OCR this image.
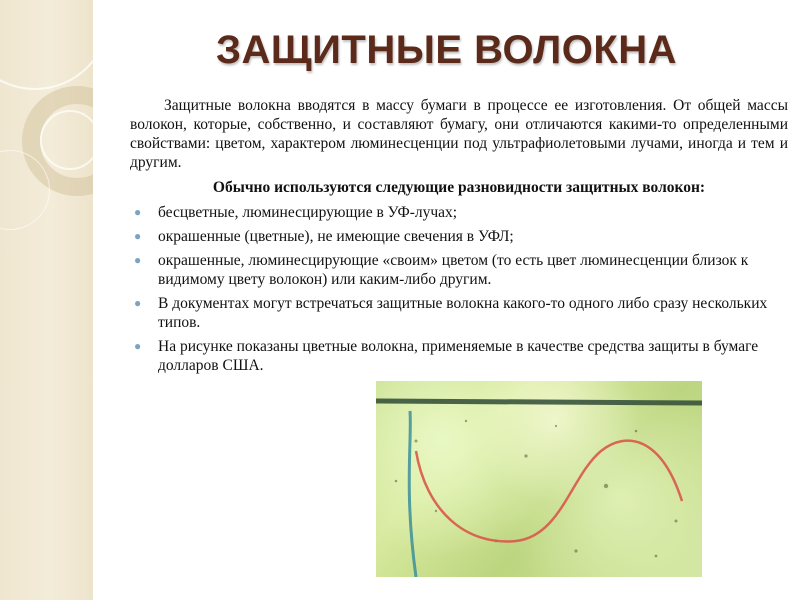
ЗАЩИТНЫЕ ВОЛОКНА

Защитные волокна вводятся в массу бумаги в процессе ее изготовления. От общей массы волокон, которые, собственно, и составляют бумагу, они отличаются какими-то определенными свойствами: цветом, характером люминесценции под ультрафиолетовыми лучами, иногда и тем и другим.

Обычно используются следующие разновидности защитных волокон:

● бесцветные, люминесцирующие в УФ-лучах;
● окрашенные (цветные), не имеющие свечения в УФЛ;
● окрашенные, люминесцирующие «своим» цветом (то есть цвет люминесценции близок к видимому цвету волокон) или каким-либо другим.
● В документах могут встречаться защитные волокна какого-то одного либо сразу нескольких типов.
● На рисунке показаны цветные волокна, применяемые в качестве средства защиты в бумаге долларов США.
